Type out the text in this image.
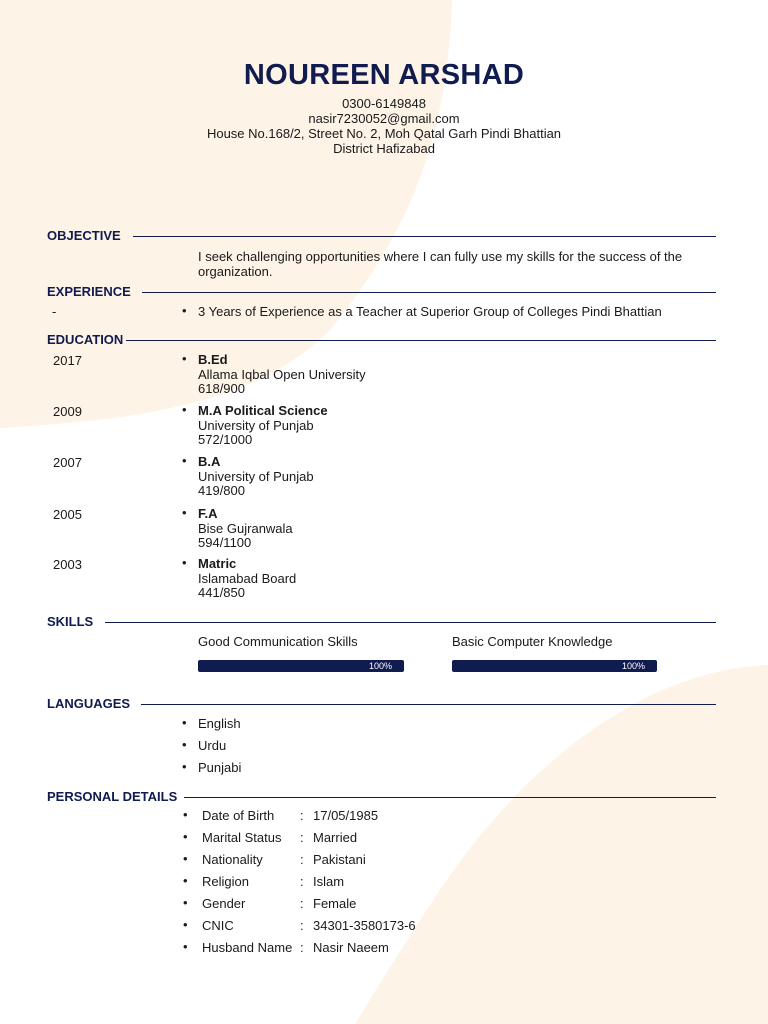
NOUREEN ARSHAD
0300-6149848
nasir7230052@gmail.com
House No.168/2, Street No. 2, Moh Qatal Garh Pindi Bhattian
District Hafizabad
OBJECTIVE
I seek challenging opportunities where I can fully use my skills for the success of the organization.
EXPERIENCE
-	• 3 Years of Experience as a Teacher at Superior Group of Colleges Pindi Bhattian
EDUCATION
2017	• B.Ed
Allama Iqbal Open University
618/900
2009	• M.A Political Science
University of Punjab
572/1000
2007	• B.A
University of Punjab
419/800
2005	• F.A
Bise Gujranwala
594/1100
2003	• Matric
Islamabad Board
441/850
SKILLS
Good Communication Skills
100%
Basic Computer Knowledge
100%
LANGUAGES
• English
• Urdu
• Punjabi
PERSONAL DETAILS
• Date of Birth : 17/05/1985
• Marital Status : Married
• Nationality	: Pakistani
• Religion	: Islam
• Gender	: Female
• CNIC	: 34301-3580173-6
• Husband Name : Nasir Naeem
